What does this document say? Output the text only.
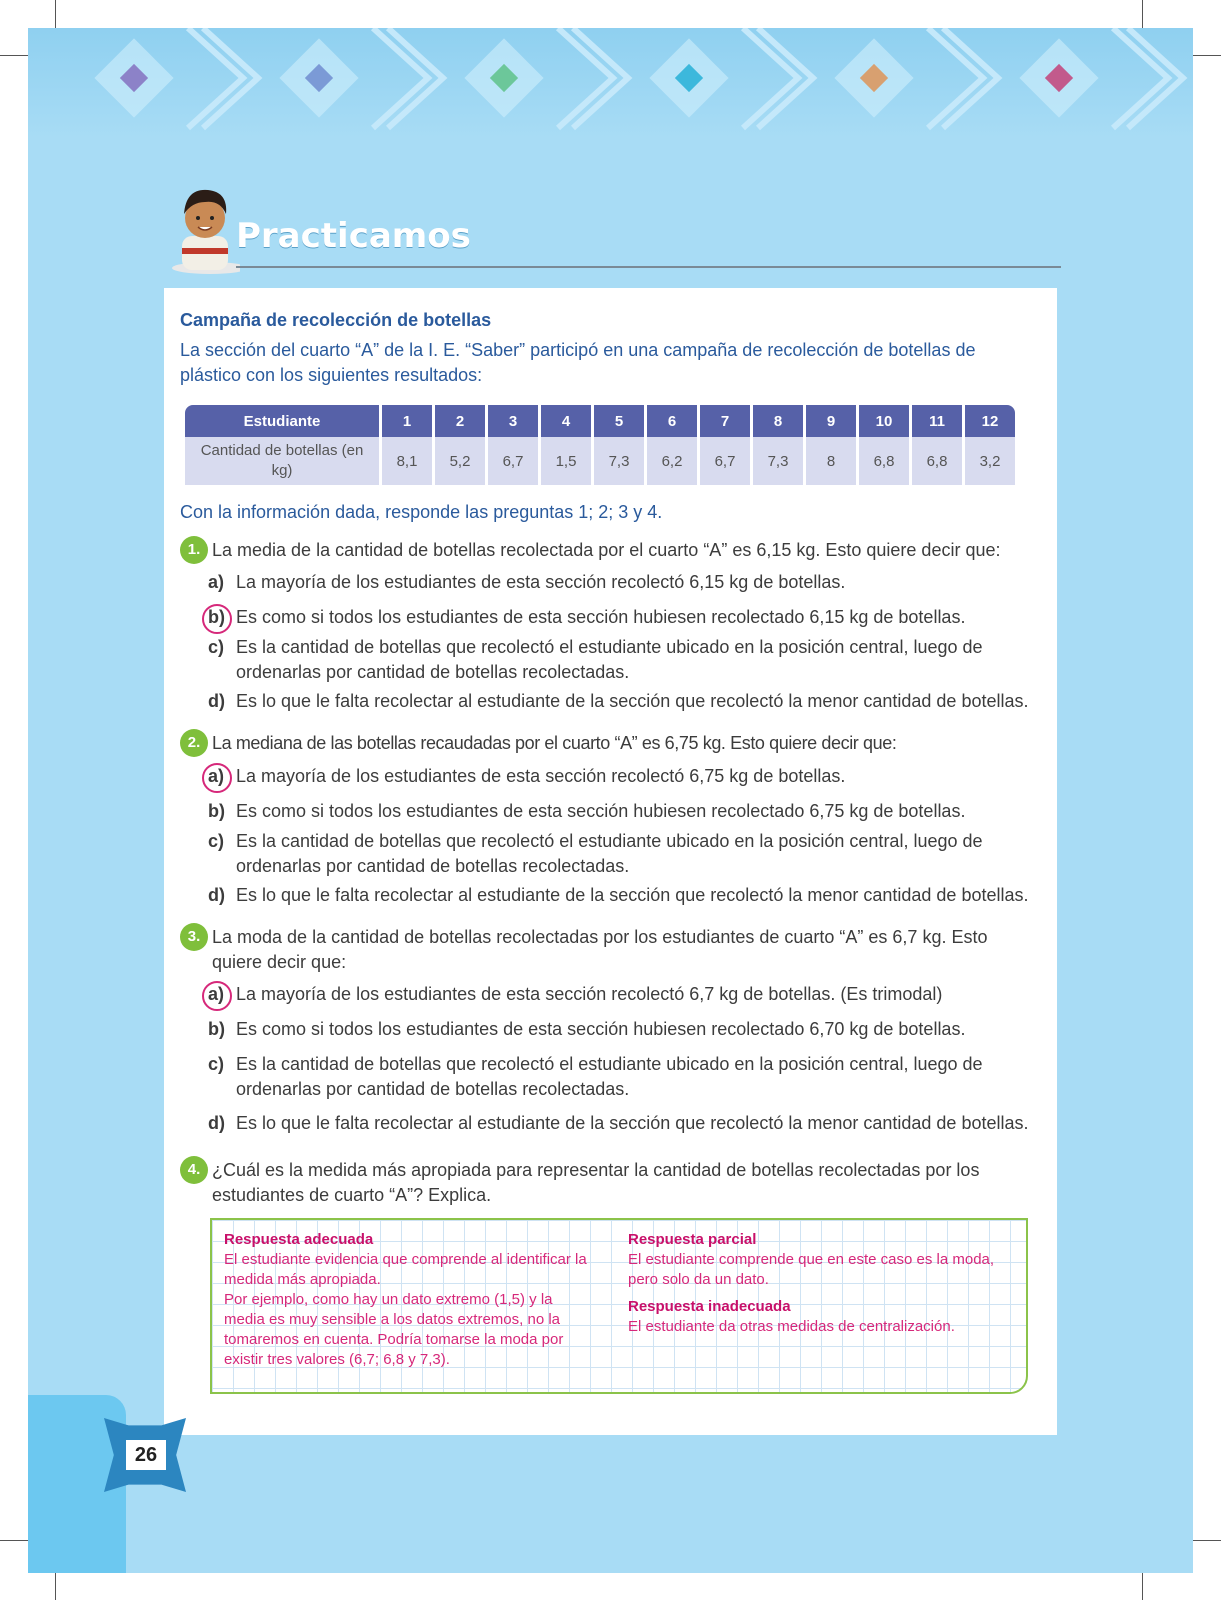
Practicamos
Campaña de recolección de botellas
La sección del cuarto “A” de la I. E. “Saber” participó en una campaña de recolección de botellas de plástico con los siguientes resultados:
Estudiante	1	2	3	4	5	6	7	8	9	10	11	12
Cantidad de botellas (en kg)	8,1	5,2	6,7	1,5	7,3	6,2	6,7	7,3	8	6,8	6,8	3,2
Con la información dada, responde las preguntas 1; 2; 3 y 4.
1. La media de la cantidad de botellas recolectada por el cuarto “A” es 6,15 kg. Esto quiere decir que:
a) La mayoría de los estudiantes de esta sección recolectó 6,15 kg de botellas.
b) Es como si todos los estudiantes de esta sección hubiesen recolectado 6,15 kg de botellas.
c) Es la cantidad de botellas que recolectó el estudiante ubicado en la posición central, luego de ordenarlas por cantidad de botellas recolectadas.
d) Es lo que le falta recolectar al estudiante de la sección que recolectó la menor cantidad de botellas.
2. La mediana de las botellas recaudadas por el cuarto “A” es 6,75 kg. Esto quiere decir que:
a) La mayoría de los estudiantes de esta sección recolectó 6,75 kg de botellas.
b) Es como si todos los estudiantes de esta sección hubiesen recolectado 6,75 kg de botellas.
c) Es la cantidad de botellas que recolectó el estudiante ubicado en la posición central, luego de ordenarlas por cantidad de botellas recolectadas.
d) Es lo que le falta recolectar al estudiante de la sección que recolectó la menor cantidad de botellas.
3. La moda de la cantidad de botellas recolectadas por los estudiantes de cuarto “A” es 6,7 kg. Esto quiere decir que:
a) La mayoría de los estudiantes de esta sección recolectó 6,7 kg de botellas. (Es trimodal)
b) Es como si todos los estudiantes de esta sección hubiesen recolectado 6,70 kg de botellas.
c) Es la cantidad de botellas que recolectó el estudiante ubicado en la posición central, luego de ordenarlas por cantidad de botellas recolectadas.
d) Es lo que le falta recolectar al estudiante de la sección que recolectó la menor cantidad de botellas.
4. ¿Cuál es la medida más apropiada para representar la cantidad de botellas recolectadas por los estudiantes de cuarto “A”? Explica.
Respuesta adecuada
El estudiante evidencia que comprende al identificar la medida más apropiada.
Por ejemplo, como hay un dato extremo (1,5) y la media es muy sensible a los datos extremos, no la tomaremos en cuenta. Podría tomarse la moda por existir tres valores (6,7; 6,8 y 7,3).
Respuesta parcial
El estudiante comprende que en este caso es la moda, pero solo da un dato.
Respuesta inadecuada
El estudiante da otras medidas de centralización.
26
